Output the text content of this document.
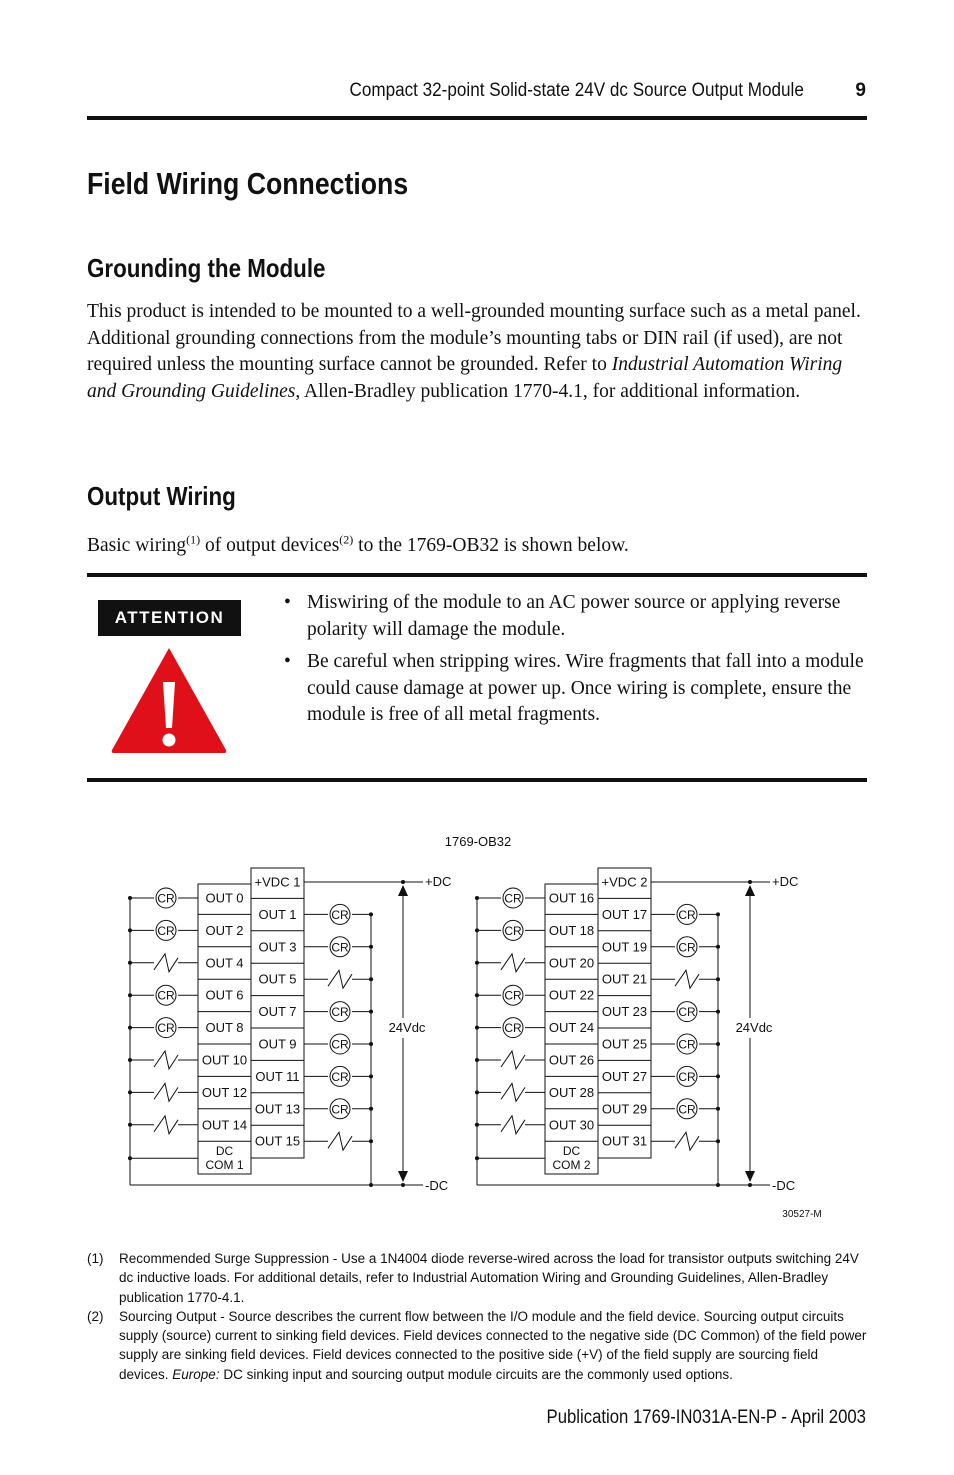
Compact 32-point Solid-state 24V dc Source Output Module	9
Field Wiring Connections
Grounding the Module

This product is intended to be mounted to a well-grounded mounting surface such as a metal panel. Additional grounding connections from the module’s mounting tabs or DIN rail (if used), are not required unless the mounting surface cannot be grounded. Refer to Industrial Automation Wiring and Grounding Guidelines, Allen-Bradley publication 1770-4.1, for additional information.

Output Wiring

Basic wiring$^{(1)}$ of output devices$^{(2)}$ to the 1769-OB32 is shown below.

ATTENTION
• Miswiring of the module to an AC power source or applying reverse polarity will damage the module.
• Be careful when stripping wires. Wire fragments that fall into a module could cause damage at power up. Once wiring is complete, ensure the module is free of all metal fragments.
1769-OB32
OUT 0
CR
OUT 2
CR
OUT 4
OUT 6
CR
OUT 8
CR
OUT 10
OUT 12
OUT 14
DC
COM 1
+VDC 1
OUT 1	CR
OUT 3	CR
OUT 5
OUT 7	CR
OUT 9	CR
OUT 11	CR
OUT 13	CR
OUT 15
+DC
-DC
24Vdc
OUT 16
CR
OUT 18
CR
OUT 20
OUT 22
CR
OUT 24
CR
OUT 26
OUT 28
OUT 30
DC
COM 2
+VDC 2
OUT 17	CR
OUT 19	CR
OUT 21
OUT 23	CR
OUT 25	CR
OUT 27	CR
OUT 29	CR
OUT 31
+DC
-DC
24Vdc
30527-M
(1) Recommended Surge Suppression - Use a 1N4004 diode reverse-wired across the load for transistor outputs switching 24V dc inductive loads. For additional details, refer to Industrial Automation Wiring and Grounding Guidelines, Allen-Bradley publication 1770-4.1.
(2) Sourcing Output - Source describes the current flow between the I/O module and the field device. Sourcing output circuits supply (source) current to sinking field devices. Field devices connected to the negative side (DC Common) of the field power supply are sinking field devices. Field devices connected to the positive side (+V) of the field supply are sourcing field devices. Europe: DC sinking input and sourcing output module circuits are the commonly used options.
Publication 1769-IN031A-EN-P - April 2003
